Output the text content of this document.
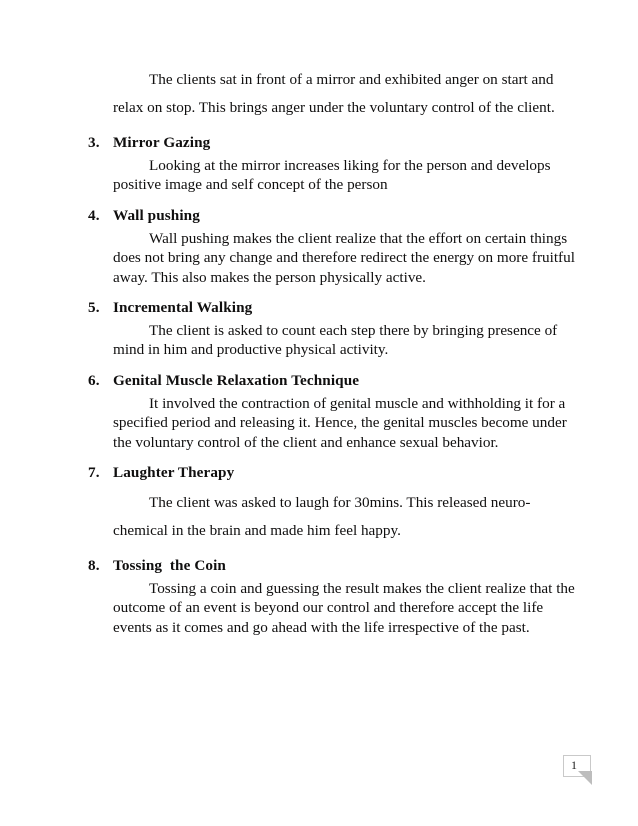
The clients sat in front of a mirror and exhibited anger on start and
relax on stop. This brings anger under the voluntary control of the client.

3. Mirror Gazing

Looking at the mirror increases liking for the person and develops
positive image and self concept of the person

4. Wall pushing

Wall pushing makes the client realize that the effort on certain things
does not bring any change and therefore redirect the energy on more fruitful
away. This also makes the person physically active.

5. Incremental Walking

The client is asked to count each step there by bringing presence of
mind in him and productive physical activity.

6. Genital Muscle Relaxation Technique

It involved the contraction of genital muscle and withholding it for a
specified period and releasing it. Hence, the genital muscles become under
the voluntary control of the client and enhance sexual behavior.

7. Laughter Therapy

The client was asked to laugh for 30mins. This released neuro-
chemical in the brain and made him feel happy.

8. Tossing  the Coin

Tossing a coin and guessing the result makes the client realize that the
outcome of an event is beyond our control and therefore accept the life
events as it comes and go ahead with the life irrespective of the past.

1
